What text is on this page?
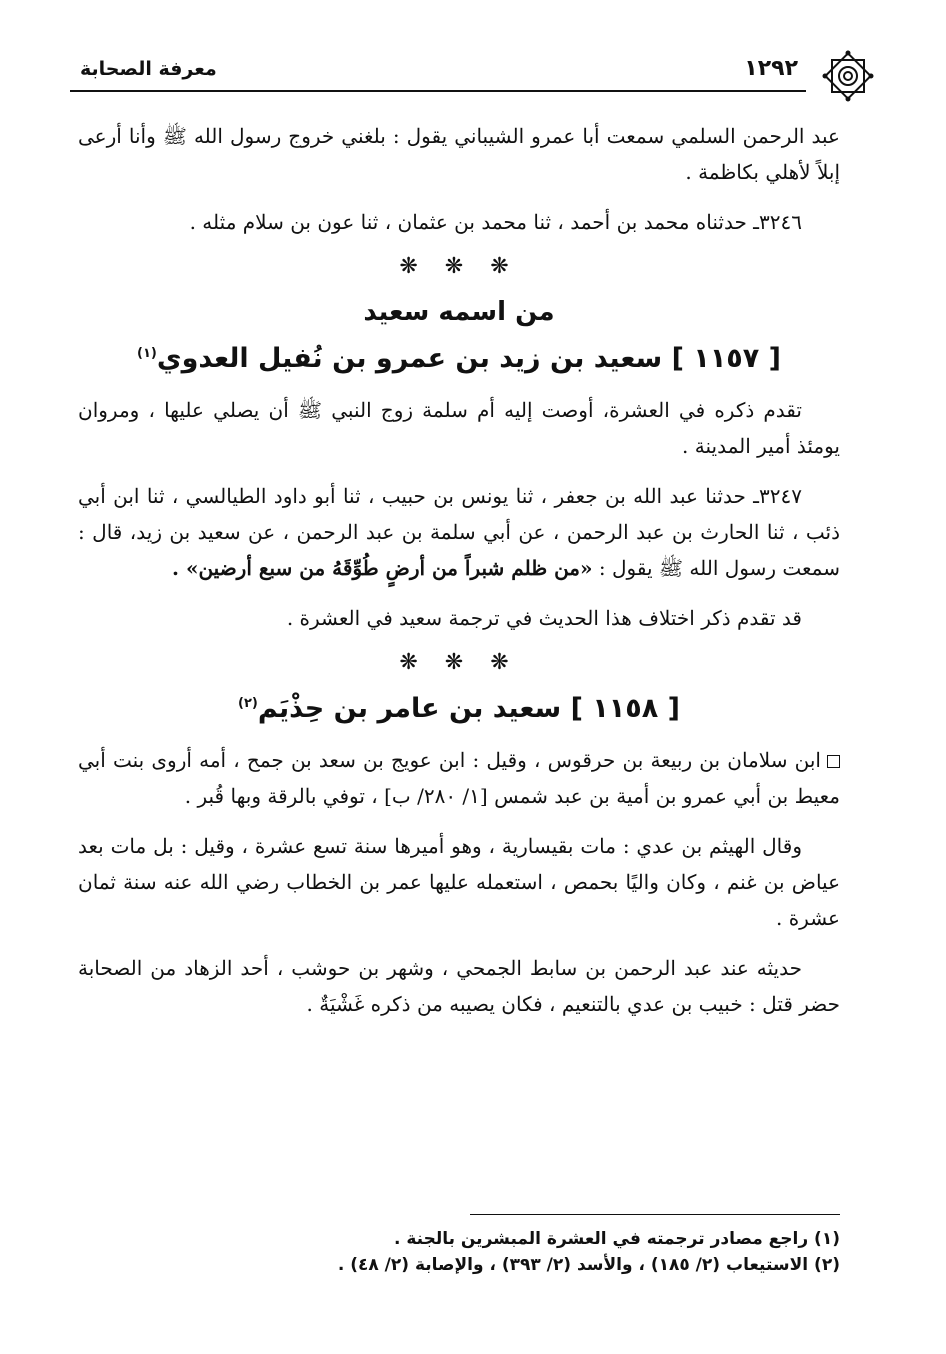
معرفة الصحابة	١٢٩٢

عبد الرحمن السلمي سمعت أبا عمرو الشيباني يقول : بلغني خروج رسول الله ﷺ وأنا أرعى إبلاً لأهلي بكاظمة .

٣٢٤٦ـ حدثناه محمد بن أحمد ، ثنا محمد بن عثمان ، ثنا عون بن سلام مثله .

❋ ❋ ❋
من اسمه سعيد
[ ١١٥٧ ] سعيد بن زيد بن عمرو بن نُفيل العدوي$^{(١)}$

تقدم ذكره في العشرة، أوصت إليه أم سلمة زوج النبي ﷺ أن يصلي عليها ، ومروان يومئذ أمير المدينة .

٣٢٤٧ـ حدثنا عبد الله بن جعفر ، ثنا يونس بن حبيب ، ثنا أبو داود الطيالسي ، ثنا ابن أبي ذئب ، ثنا الحارث بن عبد الرحمن ، عن أبي سلمة بن عبد الرحمن ، عن سعيد بن زيد، قال : سمعت رسول الله ﷺ يقول : «من ظلم شبراً من أرضٍ طُوِّقَهُ من سبع أرضين» .

قد تقدم ذكر اختلاف هذا الحديث في ترجمة سعيد في العشرة .

❋ ❋ ❋
[ ١١٥٨ ] سعيد بن عامر بن حِذْيَم$^{(٢)}$

ابن سلامان بن ربيعة بن حرقوس ، وقيل : ابن عويج بن سعد بن جمح ، أمه أروى بنت أبي معيط بن أبي عمرو بن أمية بن عبد شمس [١/ ٢٨٠/ ب] ، توفي بالرقة وبها قُبر .

وقال الهيثم بن عدي : مات بقيسارية ، وهو أميرها سنة تسع عشرة ، وقيل : بل مات بعد عياض بن غنم ، وكان واليًا بحمص ، استعمله عليها عمر بن الخطاب رضي الله عنه سنة ثمان عشرة .

حديثه عند عبد الرحمن بن سابط الجمحي ، وشهر بن حوشب ، أحد الزهاد من الصحابة حضر قتل : خبيب بن عدي بالتنعيم ، فكان يصيبه من ذكره غَشْيَةٌ .

(١) راجع مصادر ترجمته في العشرة المبشرين بالجنة .
(٢) الاستيعاب (٢/ ١٨٥) ، والأسد (٢/ ٣٩٣) ، والإصابة (٢/ ٤٨) .
